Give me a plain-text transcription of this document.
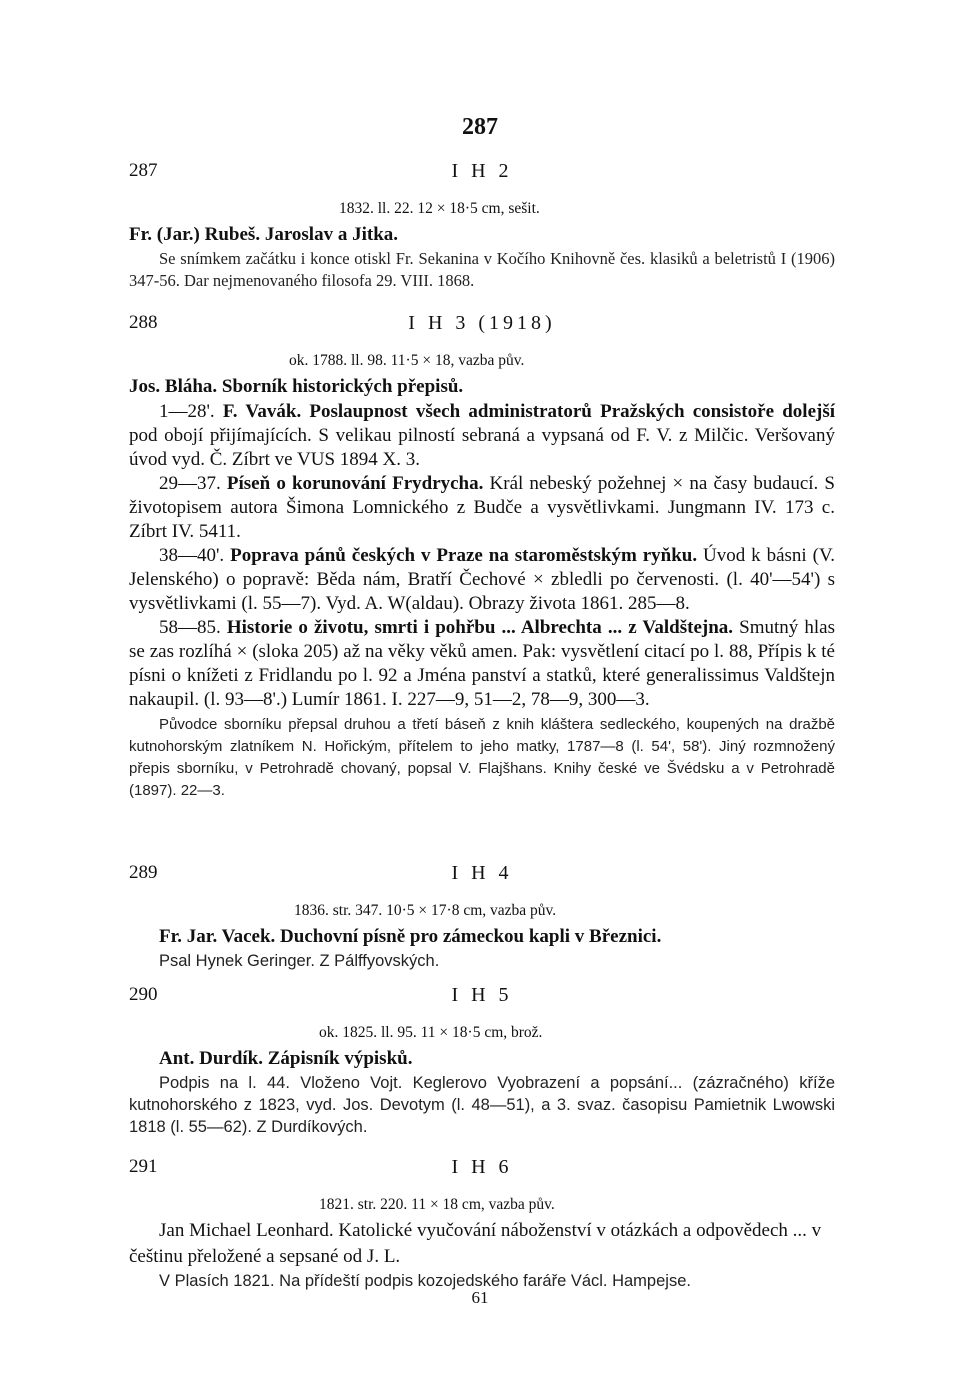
287
287	I H 2

1832. ll. 22. 12 × 18·5 cm, sešit.

Fr. (Jar.) Rubeš. Jaroslav a Jitka.

Se snímkem začátku i konce otiskl Fr. Sekanina v Kočího Knihovně čes. klasiků a beletristů I (1906) 347-56. Dar nejmenovaného filosofa 29. VIII. 1868.

288	I H 3 (1918)

ok. 1788. ll. 98. 11·5 × 18, vazba pův.

Jos. Bláha. Sborník historických přepisů.

1—28'. F. Vavák. Poslaupnost všech administratorů Pražských consistoře dolejší pod obojí přijímajících. S velikau pilností sebraná a vypsaná od F. V. z Milčic. Veršovaný úvod vyd. Č. Zíbrt ve VUS 1894 X. 3.

29—37. Píseň o korunování Frydrycha. Král nebeský požehnej × na časy budaucí. S životopisem autora Šimona Lomnického z Budče a vysvětlivkami. Jungmann IV. 173 c. Zíbrt IV. 5411.

38—40'. Poprava pánů českých v Praze na staroměstským ryňku. Úvod k básni (V. Jelenského) o popravě: Běda nám, Bratří Čechové × zbledli po červenosti. (l. 40'—54') s vysvětlivkami (l. 55—7). Vyd. A. W(aldau). Obrazy života 1861. 285—8.

58—85. Historie o životu, smrti i pohřbu ... Albrechta ... z Valdštejna. Smutný hlas se zas rozlíhá × (sloka 205) až na věky věků amen. Pak: vysvětlení citací po l. 88, Přípis k té písni o knížeti z Fridlandu po l. 92 a Jména panství a statků, které generalissimus Valdštejn nakaupil. (l. 93—8'.) Lumír 1861. I. 227—9, 51—2, 78—9, 300—3.

Původce sborníku přepsal druhou a třetí báseň z knih kláštera sedleckého, koupených na dražbě kutnohorským zlatníkem N. Hořickým, přítelem to jeho matky, 1787—8 (l. 54', 58'). Jiný rozmnožený přepis sborníku, v Petrohradě chovaný, popsal V. Flajšhans. Knihy české ve Švédsku a v Petrohradě (1897). 22—3.

289	I H 4

1836. str. 347. 10·5 × 17·8 cm, vazba pův.

Fr. Jar. Vacek. Duchovní písně pro zámeckou kapli v Březnici.

Psal Hynek Geringer. Z Pálffyovských.

290	I H 5

ok. 1825. ll. 95. 11 × 18·5 cm, brož.

Ant. Durdík. Zápisník výpisků.

Podpis na l. 44. Vloženo Vojt. Keglerovo Vyobrazení a popsání... (zázračného) kříže kutnohorského z 1823, vyd. Jos. Devotym (l. 48—51), a 3. svaz. časopisu Pamietnik Lwowski 1818 (l. 55—62). Z Durdíkových.

291	I H 6

1821. str. 220. 11 × 18 cm, vazba pův.

Jan Michael Leonhard. Katolické vyučování náboženství v otázkách a odpovědech ... v češtinu přeložené a sepsané od J. L.

V Plasích 1821. Na přídeští podpis kozojedského faráře Václ. Hampejse.

61
